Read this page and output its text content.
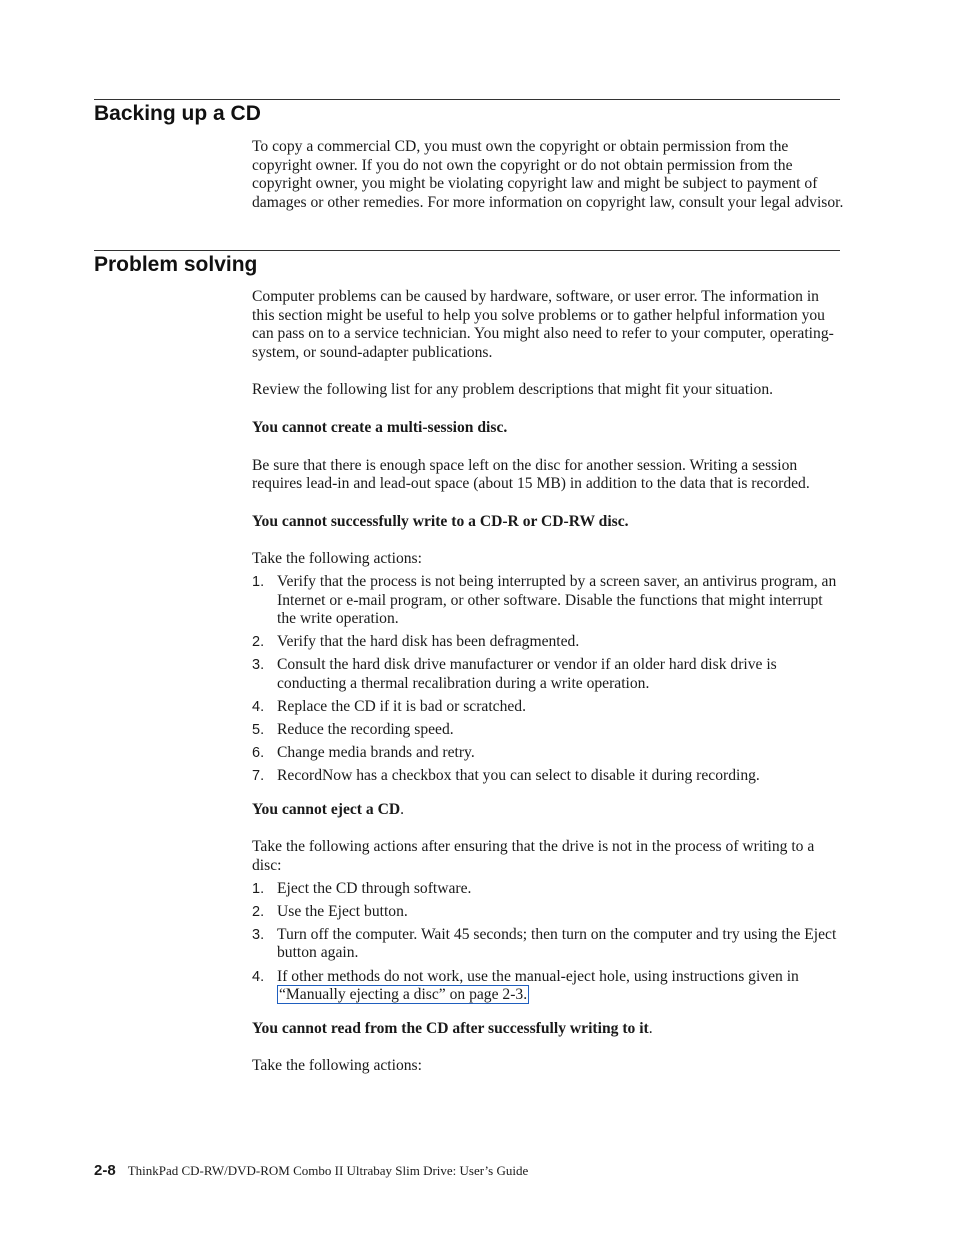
Backing up a CD

To copy a commercial CD, you must own the copyright or obtain permission from the copyright owner. If you do not own the copyright or do not obtain permission from the copyright owner, you might be violating copyright law and might be subject to payment of damages or other remedies. For more information on copyright law, consult your legal advisor.

Problem solving

Computer problems can be caused by hardware, software, or user error. The information in this section might be useful to help you solve problems or to gather helpful information you can pass on to a service technician. You might also need to refer to your computer, operating-system, or sound-adapter publications.

Review the following list for any problem descriptions that might fit your situation.

You cannot create a multi-session disc.

Be sure that there is enough space left on the disc for another session. Writing a session requires lead-in and lead-out space (about 15 MB) in addition to the data that is recorded.

You cannot successfully write to a CD-R or CD-RW disc.

Take the following actions:

1. Verify that the process is not being interrupted by a screen saver, an antivirus program, an Internet or e-mail program, or other software. Disable the functions that might interrupt the write operation.
2. Verify that the hard disk has been defragmented.
3. Consult the hard disk drive manufacturer or vendor if an older hard disk drive is conducting a thermal recalibration during a write operation.
4. Replace the CD if it is bad or scratched.
5. Reduce the recording speed.
6. Change media brands and retry.
7. RecordNow has a checkbox that you can select to disable it during recording.

You cannot eject a CD.

Take the following actions after ensuring that the drive is not in the process of writing to a disc:

1. Eject the CD through software.
2. Use the Eject button.
3. Turn off the computer. Wait 45 seconds; then turn on the computer and try using the Eject button again.
4. If other methods do not work, use the manual-eject hole, using instructions given in “Manually ejecting a disc” on page 2-3.

You cannot read from the CD after successfully writing to it.

Take the following actions:

2-8 ThinkPad CD-RW/DVD-ROM Combo II Ultrabay Slim Drive: User’s Guide
